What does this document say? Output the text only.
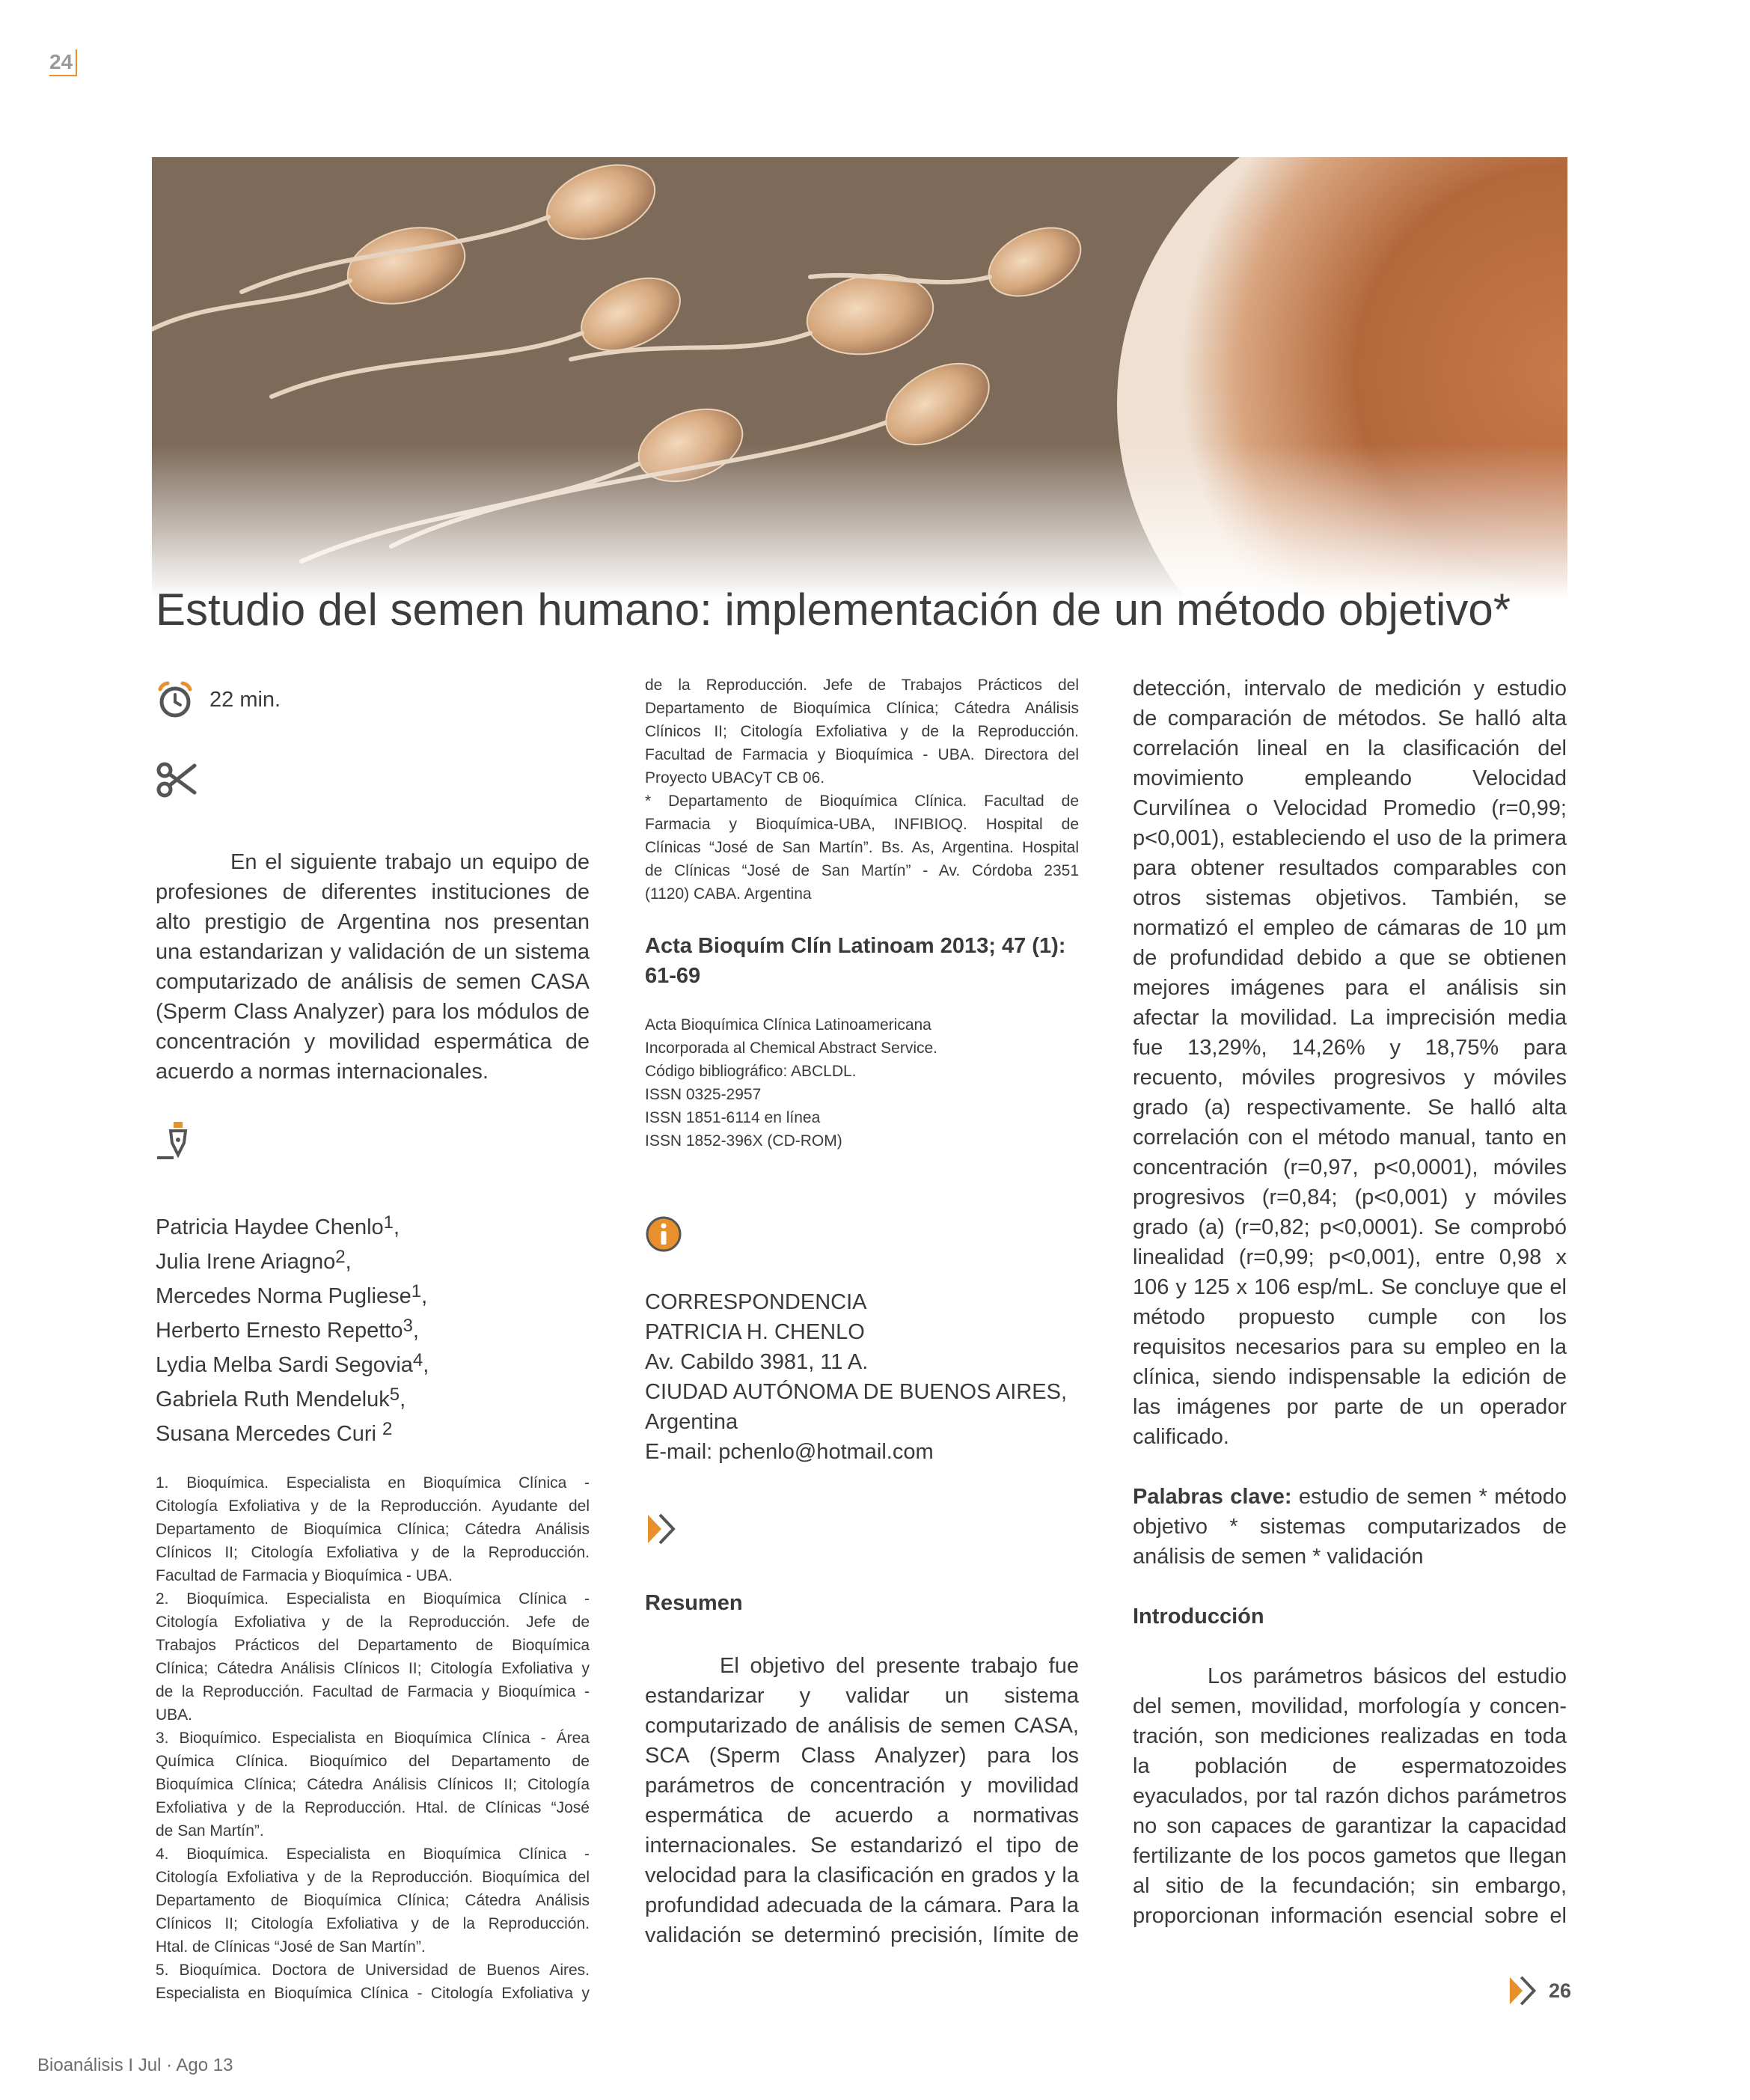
24
Estudio del semen humano: implementación de un método objetivo*
22 min.

En el siguiente trabajo un equipo de profesiones de diferentes instituciones de alto prestigio de Argentina nos presentan una estandarizan y validación de un sistema computarizado de análisis de semen CASA (Sperm Class Analyzer) para los módulos de concentración y movilidad espermática de acuerdo a normas internacionales.

Patricia Haydee Chenlo$^1$,
Julia Irene Ariagno$^2$,
Mercedes Norma Pugliese$^1$,
Herberto Ernesto Repetto$^3$,
Lydia Melba Sardi Segovia$^4$,
Gabriela Ruth Mendeluk$^5$,
Susana Mercedes Curi $^2$
1. Bioquímica. Especialista en Bioquímica Clínica -
Citología Exfoliativa y de la Reproducción. Ayudante del
Departamento de Bioquímica Clínica; Cátedra Análisis
Clínicos II; Citología Exfoliativa y de la Reproducción.
Facultad de Farmacia y Bioquímica - UBA.
2. Bioquímica. Especialista en Bioquímica Clínica -
Citología Exfoliativa y de la Reproducción. Jefe de
Trabajos Prácticos del Departamento de Bioquímica
Clínica; Cátedra Análisis Clínicos II; Citología Exfoliativa y
de la Reproducción. Facultad de Farmacia y Bioquímica -
UBA.
3. Bioquímico. Especialista en Bioquímica Clínica - Área
Química Clínica. Bioquímico del Departamento de
Bioquímica Clínica; Cátedra Análisis Clínicos II; Citología
Exfoliativa y de la Reproducción. Htal. de Clínicas “José
de San Martín”.
4. Bioquímica. Especialista en Bioquímica Clínica -
Citología Exfoliativa y de la Reproducción. Bioquímica del
Departamento de Bioquímica Clínica; Cátedra Análisis
Clínicos II; Citología Exfoliativa y de la Reproducción.
Htal. de Clínicas “José de San Martín”.
5. Bioquímica. Doctora de Universidad de Buenos Aires.
Especialista en Bioquímica Clínica - Citología Exfoliativa y
de la Reproducción. Jefe de Trabajos Prácticos del
Departamento de Bioquímica Clínica; Cátedra Análisis
Clínicos II; Citología Exfoliativa y de la Reproducción.
Facultad de Farmacia y Bioquímica - UBA. Directora del
Proyecto UBACyT CB 06.
* Departamento de Bioquímica Clínica. Facultad de
Farmacia y Bioquímica-UBA, INFIBIOQ. Hospital de
Clínicas “José de San Martín”. Bs. As, Argentina. Hospital
de Clínicas “José de San Martín” - Av. Córdoba 2351
(1120) CABA. Argentina

Acta Bioquím Clín Latinoam 2013; 47 (1): 61-69

Acta Bioquímica Clínica Latinoamericana
Incorporada al Chemical Abstract Service.
Código bibliográfico: ABCLDL.
ISSN 0325-2957
ISSN 1851-6114 en línea
ISSN 1852-396X (CD-ROM)
CORRESPONDENCIA
PATRICIA H. CHENLO
Av. Cabildo 3981, 11 A.
CIUDAD AUTÓNOMA DE BUENOS AIRES,
Argentina
E-mail: pchenlo@hotmail.com

Resumen

El objetivo del presente trabajo fue
estandarizar y validar un sistema
computarizado de análisis de semen CASA,
SCA (Sperm Class Analyzer) para los
parámetros de concentración y movilidad
espermática de acuerdo a normativas
internacionales. Se estandarizó el tipo de
velocidad para la clasificación en grados y la
profundidad adecuada de la cámara. Para la
validación se determinó precisión, límite de
detección, intervalo de medición y estudio
de comparación de métodos. Se halló alta
correlación lineal en la clasificación del
movimiento empleando Velocidad
Curvilínea o Velocidad Promedio (r=0,99;
p<0,001), estableciendo el uso de la primera
para obtener resultados comparables con
otros sistemas objetivos. También, se
normatizó el empleo de cámaras de 10 µm
de profundidad debido a que se obtienen
mejores imágenes para el análisis sin
afectar la movilidad. La imprecisión media
fue 13,29%, 14,26% y 18,75% para
recuento, móviles progresivos y móviles
grado (a) respectivamente. Se halló alta
correlación con el método manual, tanto en
concentración (r=0,97, p<0,0001), móviles
progresivos (r=0,84; (p<0,001) y móviles
grado (a) (r=0,82; p<0,0001). Se comprobó
linealidad (r=0,99; p<0,001), entre 0,98 x
106 y 125 x 106 esp/mL. Se concluye que el
método propuesto cumple con los
requisitos necesarios para su empleo en la
clínica, siendo indispensable la edición de
las imágenes por parte de un operador
calificado.

Palabras clave: estudio de semen * método objetivo * sistemas computarizados de análisis de semen * validación

Introducción

Los parámetros básicos del estudio
del semen, movilidad, morfología y concen-
tración, son mediciones realizadas en toda
la población de espermatozoides
eyaculados, por tal razón dichos parámetros
no son capaces de garantizar la capacidad
fertilizante de los pocos gametos que llegan
al sitio de la fecundación; sin embargo,
proporcionan información esencial sobre el
26
Bioanálisis I Jul · Ago 13
